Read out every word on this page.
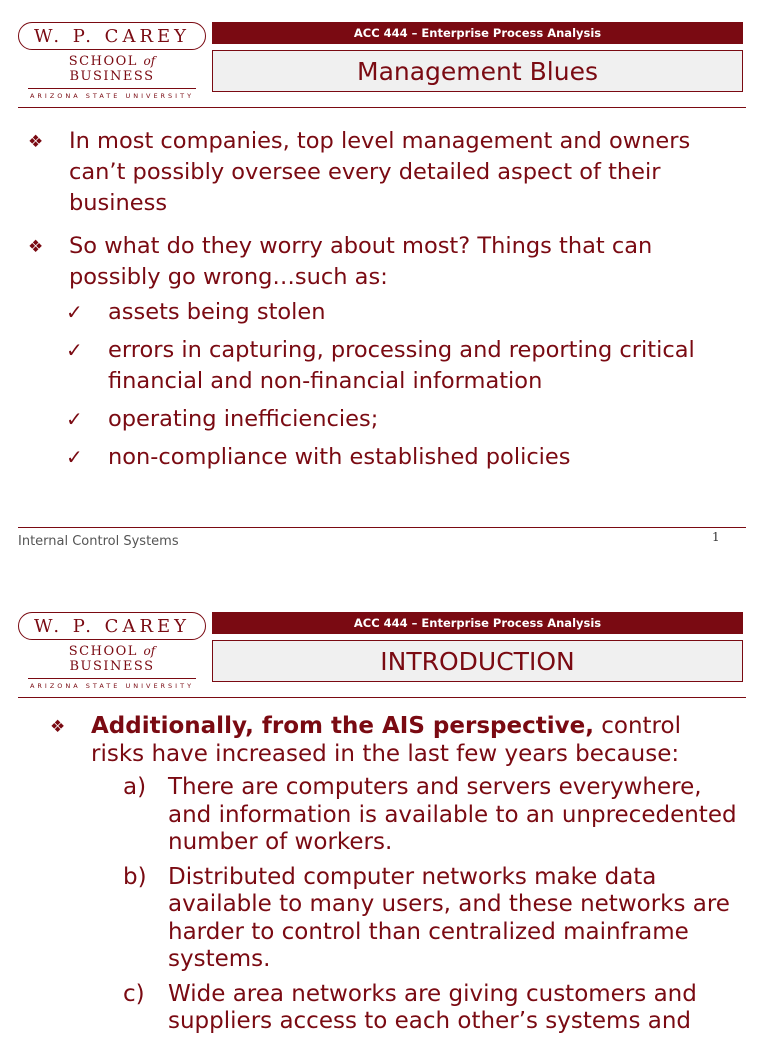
W. P. CAREY
SCHOOL of BUSINESS
ARIZONA STATE UNIVERSITY
ACC 444 – Enterprise Process Analysis
Management Blues
❖ In most companies, top level management and owners can’t possibly oversee every detailed aspect of their business
❖ So what do they worry about most? Things that can possibly go wrong…such as:
✓ assets being stolen
✓ errors in capturing, processing and reporting critical financial and non-financial information
✓ operating inefficiencies;
✓ non-compliance with established policies
Internal Control Systems	1
W. P. CAREY
SCHOOL of BUSINESS
ARIZONA STATE UNIVERSITY
ACC 444 – Enterprise Process Analysis
INTRODUCTION
❖ Additionally, from the AIS perspective, control
risks have increased in the last few years because:
a) There are computers and servers everywhere, and information is available to an unprecedented number of workers.
b) Distributed computer networks make data available to many users, and these networks are harder to control than centralized mainframe systems.
c) Wide area networks are giving customers and suppliers access to each other’s systems and
